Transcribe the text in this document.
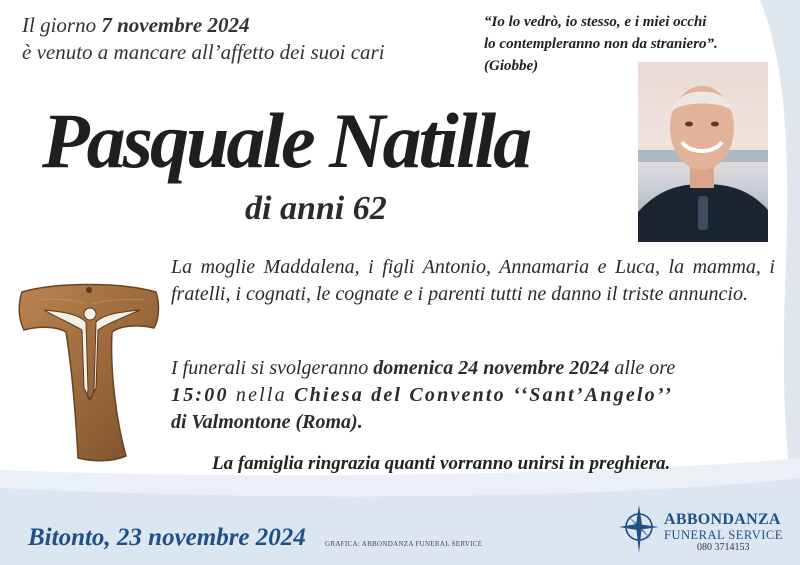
Il giorno 7 novembre 2024
è venuto a mancare all’affetto dei suoi cari
“Io lo vedrò, io stesso, e i miei occhi
lo contempleranno non da straniero”.
(Giobbe)
Pasquale Natilla
di anni 62
La moglie Maddalena, i figli Antonio, Annamaria e Luca, la mamma, i fratelli, i cognati, le cognate e i parenti tutti ne danno il triste annuncio.
I funerali si svolgeranno domenica 24 novembre 2024 alle ore
15:00 nella Chiesa del Convento ‘‘Sant’Angelo’’
di Valmontone (Roma).
La famiglia ringrazia quanti vorranno unirsi in preghiera.
Bitonto, 23 novembre 2024	GRAFICA: ABBONDANZA FUNERAL SERVICE
ABBONDANZA
FUNERAL SERVICE
080 3714153
